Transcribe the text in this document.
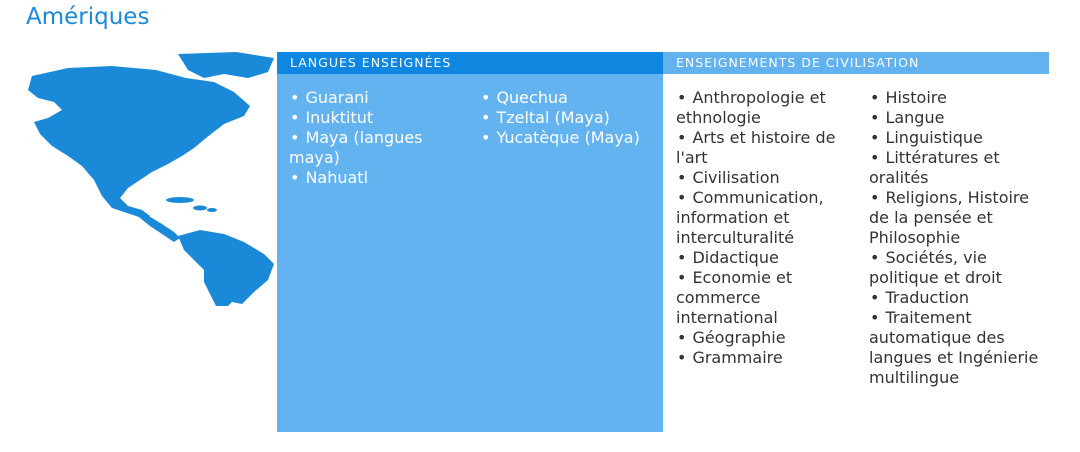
Amériques
LANGUES ENSEIGNÉES
• Guarani
• Inuktitut
• Maya (langues maya)
• Nahuatl
• Quechua
• Tzeltal (Maya)
• Yucatèque (Maya)
ENSEIGNEMENTS DE CIVILISATION
• Anthropologie et ethnologie
• Arts et histoire de l'art
• Civilisation
• Communication, information et interculturalité
• Didactique
• Economie et commerce international
• Géographie
• Grammaire
• Histoire
• Langue
• Linguistique
• Littératures et oralités
• Religions, Histoire de la pensée et Philosophie
• Sociétés, vie politique et droit
• Traduction
• Traitement automatique des langues et Ingénierie multilingue
